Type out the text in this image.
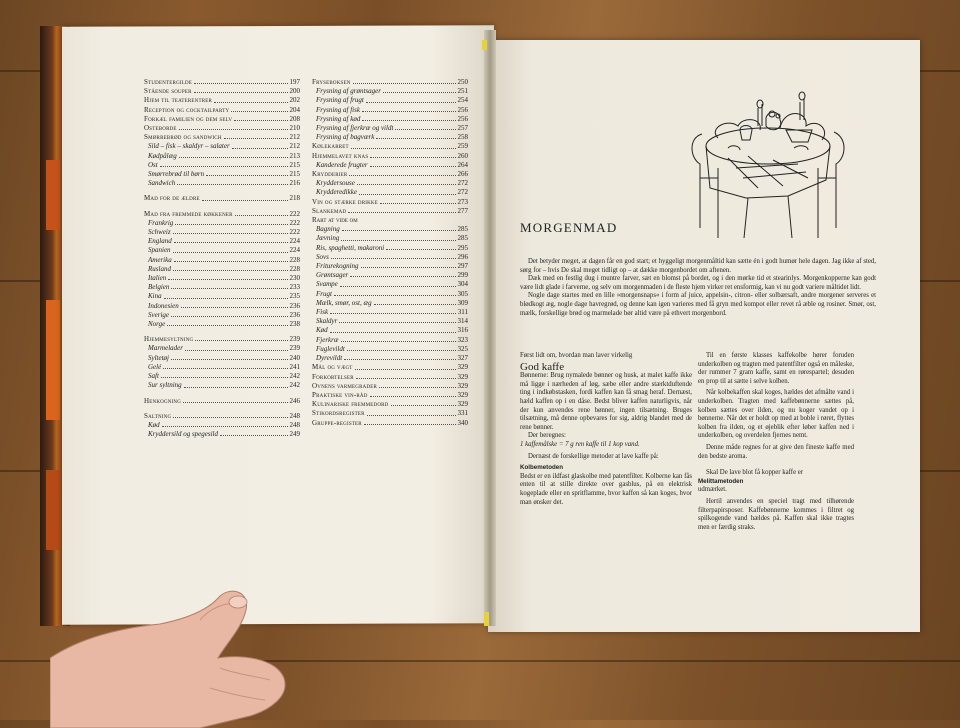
Studentergilde	197
Stående souper	200
Hjem til teaterentrer	202
Reception og cocktailparty	204
Forkæl familien og dem selv	208
Osteborde	210
Smørrebrød og sandwich	212
Sild – fisk – skaldyr – salater	212
Kødpålæg	213
Ost	215
Smørrebrød til børn	215
Sandwich	216
Mad for de ældre	218
Mad fra fremmede køkkener	222
Frankrig	222
Schweiz	222
England	224
Spanien	224
Amerika	228
Rusland	228
Italien	230
Belgien	233
Kina	235
Indonesien	236
Sverige	236
Norge	238
Hjemmesyltning	239
Marmelader	239
Syltetøj	240
Gelé	241
Saft	242
Sur syltning	242
Henkogning	246
Saltning	248
Kød	248
Kryddersild og spegesild	249
Fryseboksen	250
Frysning af grøntsager	251
Frysning af frugt	254
Frysning af fisk	256
Frysning af kød	256
Frysning af fjerkræ og vildt	257
Frysning af bagværk	258
Kølekarret	259
Hjemmelavet knas	260
Kanderede frugter	264
Krydderier	266
Kryddersouse	272
Krydderedikke	272
Vin og stærke drikke	273
Slankemad	277
Rart at vide om
Bagning	285
Jævning	285
Ris, spaghetti, makaroni	295
Sovs	296
Friturekogning	297
Grøntsager	299
Svampe	304
Frugt	305
Mælk, smør, ost, æg	309
Fisk	311
Skaldyr	314
Kød	316
Fjerkræ	323
Fuglevildt	325
Dyrevildt	327
Mål og vægt	329
Forkortelser	329
Ovnens varmegrader	329
Praktiske vin-råd	329
Kulinariske fremmedord	329
Stikordsregister	331
Gruppe-register	340
MORGENMAD

Det betyder meget, at dagen får en god start; et hyggeligt morgenmåltid kan sætte én i godt humør hele dagen. Jag ikke af sted, sørg for – hvis De skal meget tidligt op – at dække morgenbordet om aftenen.

Dæk med en festlig dug i muntre farver, sæt en blomst på bordet, og i den mørke tid et stearinlys. Morgenkopperne kan godt være lidt glade i farverne, og selv om morgenmaden i de fleste hjem virker ret ensformig, kan vi nu godt variere måltidet lidt.

Nogle dage startes med en lille »morgensnaps« i form af juice, appelsin-, citron- eller solbærsaft, andre morgener serveres et blødkogt æg, nogle dage havregrød, og denne kan igen varieres med få gryn med kompot eller revet rå æble og rosiner. Smør, ost, mælk, forskellige brød og marmelade bør altid være på ethvert morgenbord.

Først lidt om, hvordan man laver virkelig

God kaffe

Bønnerne: Brug nymalede bønner og husk, at malet kaffe ikke må ligge i nærheden af løg, sæbe eller andre stærktduftende ting i indkøbstasken, fordi kaffen kan få smag heraf. Dernæst, hæld kaffen op i en dåse. Bedst bliver kaffen naturligvis, når der kun anvendes rene bønner, ingen tilsætning. Bruges tilsætning, må denne opbevares for sig, aldrig blandet med de rene bønner.

Der beregnes:

1 kaffemålske = 7 g ren kaffe til 1 kop vand.

Dernæst de forskellige metoder at lave kaffe på:

Kolbemetoden

Bedst er en ildfast glaskolbe med patentfilter. Kolberne kan fås enten til at stille direkte over gasblus, på en elektrisk kogeplade eller en spritflamme, hvor kaffen så kan koges, hvor man ønsker det.

Til en første klasses kaffekolbe hører foruden underkolben og tragten med patentfilter også en måleske, der rummer 7 gram kaffe, samt en rørespartel; desuden en prop til at sætte i selve kolben.

Når kolbekaffen skal koges, hældes det afmålte vand i underkolben. Tragten med kaffebønnerne sættes på, kolben sættes over ilden, og nu koger vandet op i bønnerne. Når det er holdt op med at boble i røret, flyttes kolben fra ilden, og et øjeblik efter løber kaffen ned i underkolben, og overdelen fjernes nemt.

Denne måde regnes for at give den fineste kaffe med den bedste aroma.

Skal De lave blot få kopper kaffe er

Melittametoden

udmærket.

Hertil anvendes en speciel tragt med tilhørende filterpapirsposer. Kaffebønnerne kommes i filtret og spilkogende vand hældes på. Kaffen skal ikke tragtes men er færdig straks.
